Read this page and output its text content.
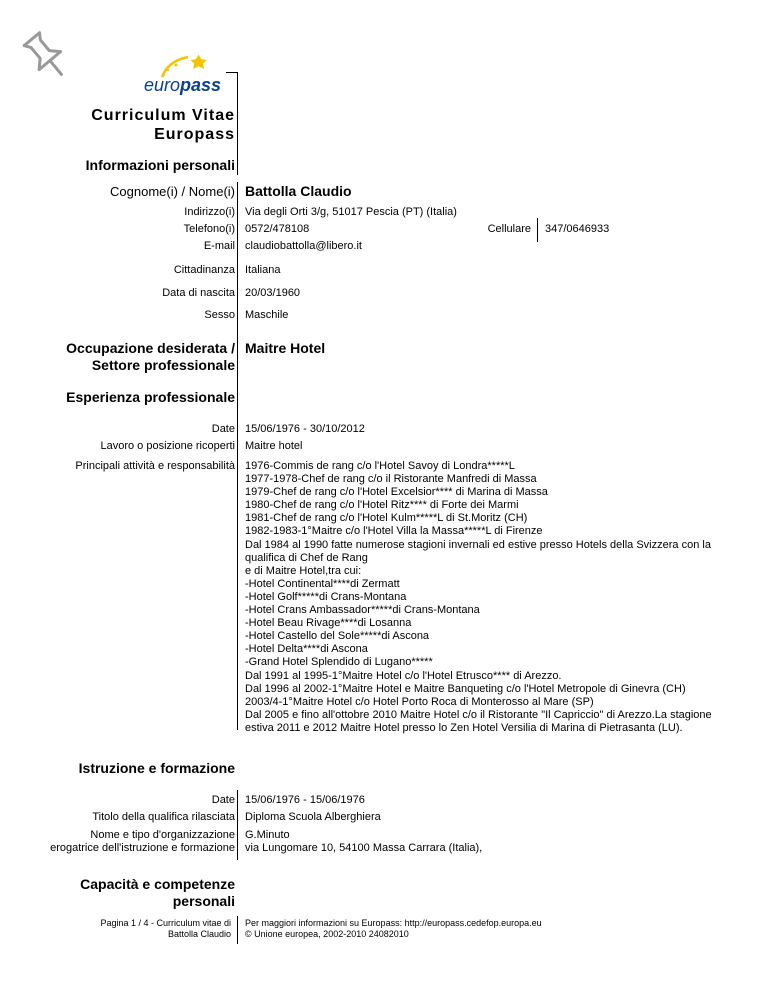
europass
Curriculum Vitae
Europass
Informazioni personali
Cognome(i) / Nome(i) Battolla Claudio
Indirizzo(i) Via degli Orti 3/g, 51017 Pescia (PT) (Italia)
Telefono(i) 0572/478108	Cellulare 347/0646933
E-mail claudiobattolla@libero.it
Cittadinanza Italiana
Data di nascita 20/03/1960
Sesso Maschile
Occupazione desiderata /
Settore professionale
Maitre Hotel
Esperienza professionale
Date 15/06/1976 - 30/10/2012
Lavoro o posizione ricoperti Maitre hotel
Principali attività e responsabilità 1976-Commis de rang c/o l'Hotel Savoy di Londra*****L
1977-1978-Chef de rang c/o il Ristorante Manfredi di Massa
1979-Chef de rang c/o l'Hotel Excelsior**** di Marina di Massa
1980-Chef de rang c/o l'Hotel Ritz**** di Forte dei Marmi
1981-Chef de rang c/o l'Hotel Kulm*****L di St.Moritz (CH)
1982-1983-1°Maitre c/o l'Hotel Villa la Massa*****L di Firenze
Dal 1984 al 1990 fatte numerose stagioni invernali ed estive presso Hotels della Svizzera con la
qualifica di Chef de Rang
e di Maitre Hotel,tra cui:
-Hotel Continental****di Zermatt
-Hotel Golf*****di Crans-Montana
-Hotel Crans Ambassador*****di Crans-Montana
-Hotel Beau Rivage****di Losanna
-Hotel Castello del Sole*****di Ascona
-Hotel Delta****di Ascona
-Grand Hotel Splendido di Lugano*****
Dal 1991 al 1995-1°Maitre Hotel c/o l'Hotel Etrusco**** di Arezzo.
Dal 1996 al 2002-1°Maitre Hotel e Maitre Banqueting c/o l'Hotel Metropole di Ginevra (CH)
2003/4-1°Maitre Hotel c/o Hotel Porto Roca di Monterosso al Mare (SP)
Dal 2005 e fino all'ottobre 2010 Maitre Hotel c/o il Ristorante "Il Capriccio" di Arezzo.La stagione
estiva 2011 e 2012 Maitre Hotel presso lo Zen Hotel Versilia di Marina di Pietrasanta (LU).
Istruzione e formazione
Date 15/06/1976 - 15/06/1976
Titolo della qualifica rilasciata Diploma Scuola Alberghiera
Nome e tipo d'organizzazione
erogatrice dell'istruzione e formazione
G.Minuto
via Lungomare 10, 54100 Massa Carrara (Italia),
Capacità e competenze
personali
Pagina 1 / 4 - Curriculum vitae di
Battolla Claudio
Per maggiori informazioni su Europass: http://europass.cedefop.europa.eu
© Unione europea, 2002-2010 24082010
